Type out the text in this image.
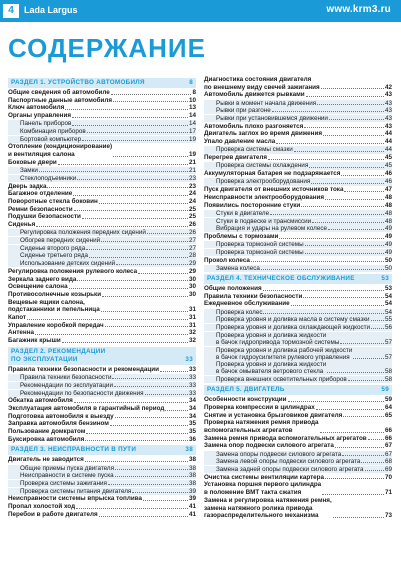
4	Lada Largus	www.krm3.ru
СОДЕРЖАНИЕ
РАЗДЕЛ 1. УСТРОЙСТВО АВТОМОБИЛЯ	8
Общие сведения об автомобиле	8
Паспортные данные автомобиля	10
Ключ автомобиля	13
Органы управления	14
Панель приборов	14
Комбинация приборов	17
Бортовой компьютер	19
Отопление (кондиционирование)
и вентиляция салона	19
Боковые двери	21
Замки	21
Стеклоподъемники	23
Дверь задка	23
Багажное отделение	24
Поворотные стекла боковин	24
Ремни безопасности	25
Подушки безопасности	25
Сиденья	26
Регулировка положения передних сидений	26
Обогрев передних сидений	27
Сиденье второго ряда	27
Сиденье третьего ряда	28
Использование детских сидений	29
Регулировка положения рулевого колеса	29
Зеркала заднего вида	30
Освещение салона	30
Противосолнечные козырьки	30
Вещевые ящики салона,
подстаканники и пепельница	31
Капот	31
Управление коробкой передач	31
Антенна	32
Багажник крыши	32
РАЗДЕЛ 2. РЕКОМЕНДАЦИИ
ПО ЭКСПЛУАТАЦИИ	33
Правила техники безопасности и рекомендации	33
Правила техники безопасности	33
Рекомендации по эксплуатации	33
Рекомендации по безопасности движения	33
Обкатка автомобиля	34
Эксплуатация автомобиля в гарантийный период	34
Подготовка автомобиля к выезду	34
Заправка автомобиля бензином	35
Пользование домкратом	35
Буксировка автомобиля	36
РАЗДЕЛ 3. НЕИСПРАВНОСТИ В ПУТИ	38
Двигатель не заводится	38
Общие приемы пуска двигателя	38
Неисправности в системе пуска	38
Проверка системы зажигания	38
Проверка системы питания двигателя	39
Неисправности системы впрыска топлива	39
Пропал холостой ход	41
Перебои в работе двигателя	41
Диагностика состояния двигателя
по внешнему виду свечей зажигания	42
Автомобиль движется рывками	43
Рывки в момент начала движения	43
Рывки при разгоне	43
Рывки при установившемся движении	43
Автомобиль плохо разгоняется	43
Двигатель заглох во время движения	44
Упало давление масла	44
Проверка системы смазки	44
Перегрев двигателя	45
Проверка системы охлаждения	45
Аккумуляторная батарея не подзаряжается	46
Проверка электрооборудования	46
Пуск двигателя от внешних источников тока	47
Неисправности электрооборудования	48
Появились посторонние стуки	48
Стуки в двигателе	48
Стуки в подвеске и трансмиссии	48
Вибрация и удары на рулевом колесе	49
Проблемы с тормозами	49
Проверка тормозной системы	49
Проверка тормозной системы	49
Прокол колеса	50
Замена колеса	50
РАЗДЕЛ 4. ТЕХНИЧЕСКОЕ ОБСЛУЖИВАНИЕ	53
Общие положения	53
Правила техники безопасности	54
Ежедневное обслуживание	54
Проверка колес	54
Проверка уровня и доливка масла в систему смазки 55
Проверка уровня и доливка охлаждающей жидкости 56
Проверка уровня и доливка жидкости
в бачок гидропривода тормозной системы	57
Проверка уровня и доливка рабочей жидкости
в бачок гидроусилителя рулевого управления	57
Проверка уровня и доливка жидкости
в бачок омывателя ветрового стекла	58
Проверка внешних осветительных приборов	58
РАЗДЕЛ 5. ДВИГАТЕЛЬ	59
Особенности конструкции	59
Проверка компрессии в цилиндрах	64
Снятие и установка брызговиков двигателя	65
Проверка натяжения ремня привода
вспомогательных агрегатов	66
Замена ремня привода вспомогательных агрегатов	66
Замена опор подвески силового агрегата	67
Замена опоры подвески силового агрегата	67
Замена левой опоры подвески силового агрегата	68
Замена задней опоры подвески силового агрегата	69
Очистка системы вентиляции картера	70
Установка поршня первого цилиндра
в положение ВМТ такта сжатия	71
Замена и регулировка натяжения ремня,
замена натяжного ролика привода
газораспределительного механизма	73
